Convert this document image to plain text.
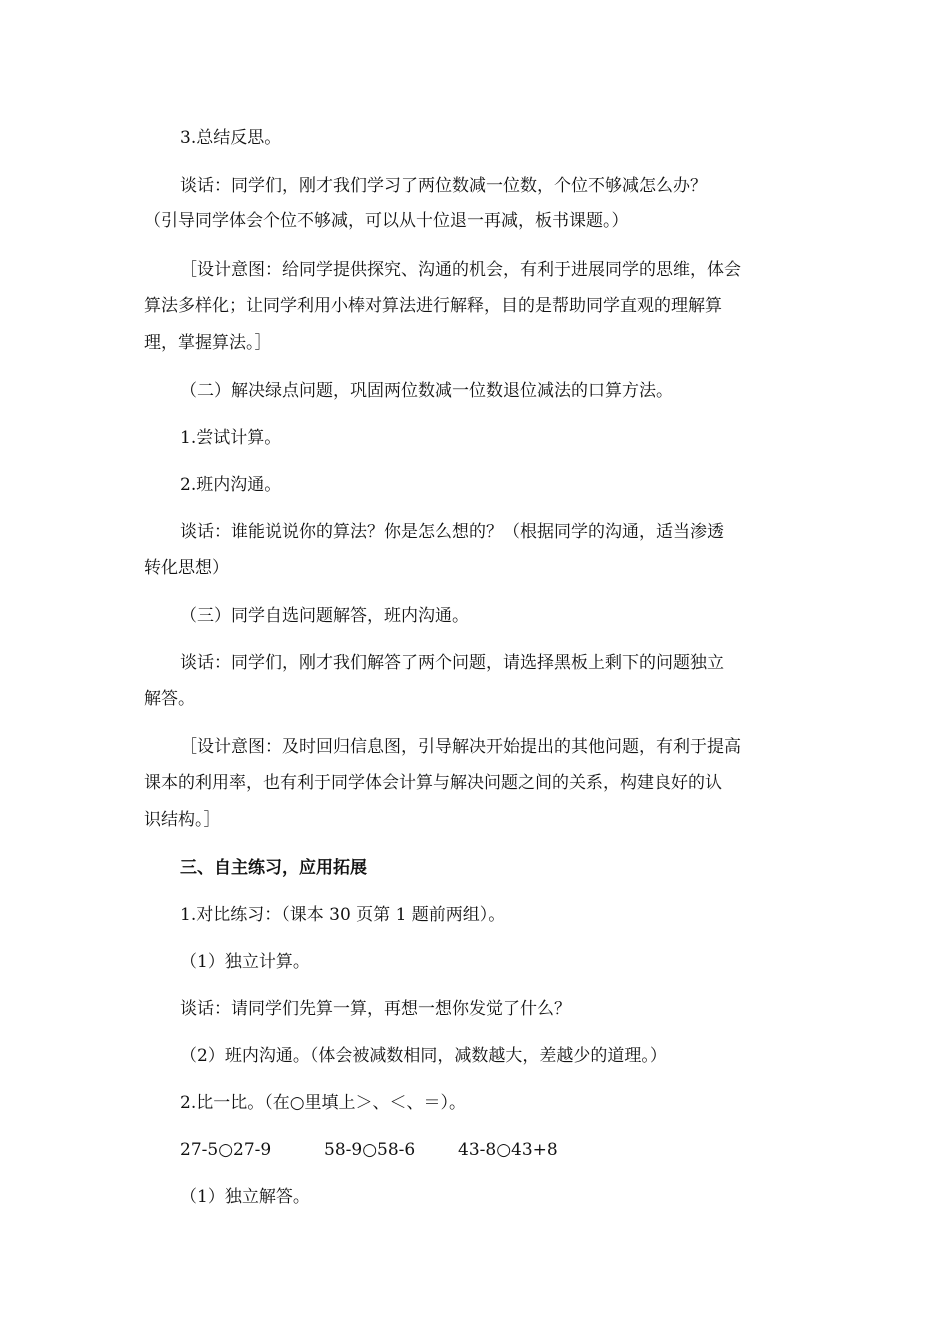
3.总结反思。
谈话：同学们，刚才我们学习了两位数减一位数，个位不够减怎么办？
（引导同学体会个位不够减，可以从十位退一再减，板书课题。）
［设计意图：给同学提供探究、沟通的机会，有利于进展同学的思维，体会
算法多样化；让同学利用小棒对算法进行解释，目的是帮助同学直观的理解算
理，掌握算法。］
（二）解决绿点问题，巩固两位数减一位数退位减法的口算方法。
1.尝试计算。
2.班内沟通。
谈话：谁能说说你的算法？你是怎么想的？（根据同学的沟通，适当渗透
转化思想）
（三）同学自选问题解答，班内沟通。
谈话：同学们，刚才我们解答了两个问题，请选择黑板上剩下的问题独立
解答。
［设计意图：及时回归信息图，引导解决开始提出的其他问题，有利于提高
课本的利用率，也有利于同学体会计算与解决问题之间的关系，构建良好的认
识结构。］
三、自主练习，应用拓展
1.对比练习：（课本 30 页第 1 题前两组）。
（1）独立计算。
谈话：请同学们先算一算，再想一想你发觉了什么？
（2）班内沟通。（体会被减数相同，减数越大，差越少的道理。）
2.比一比。（在○里填上＞、＜、＝）。
27-5○27-9	58-9○58-6	43-8○43+8
（1）独立解答。
